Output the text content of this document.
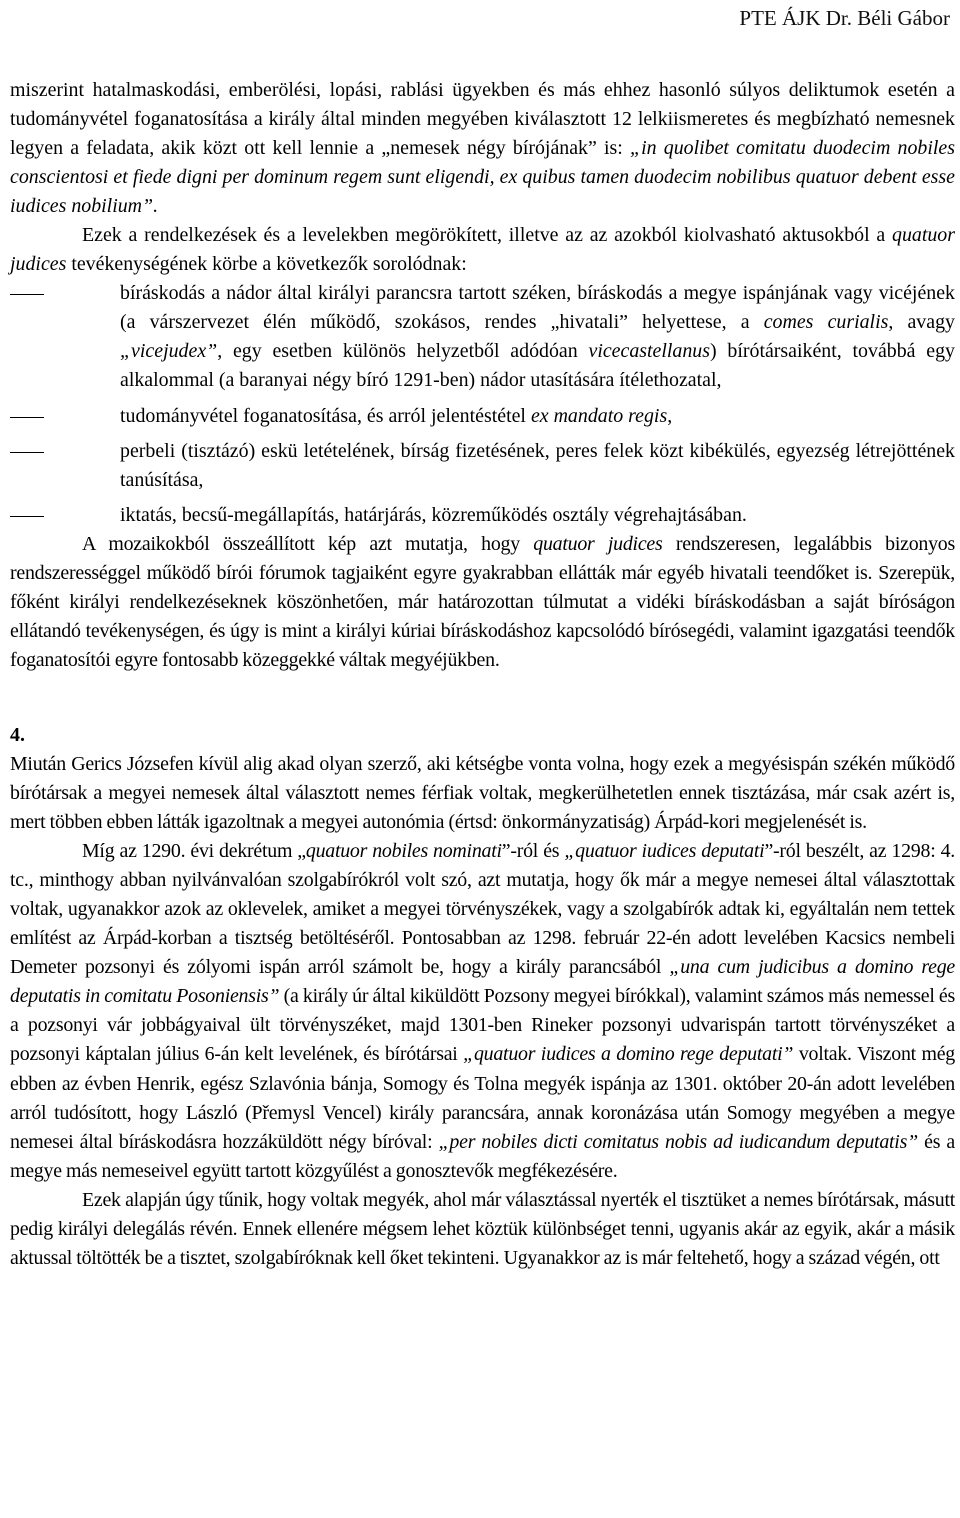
PTE ÁJK Dr. Béli Gábor

miszerint hatalmaskodási, emberölési, lopási, rablási ügyekben és más ehhez hasonló súlyos deliktumok esetén a tudományvétel foganatosítása a király által minden megyében kiválasztott 12 lelkiismeretes és megbízható nemesnek legyen a feladata, akik közt ott kell lennie a „nemesek négy bírójának” is: „in quolibet comitatu duodecim nobiles conscientosi et fiede digni per dominum regem sunt eligendi, ex quibus tamen duodecim nobilibus quatuor debent esse iudices nobilium”.

Ezek a rendelkezések és a levelekben megörökített, illetve az az azokból kiolvasható aktusokból a quatuor judices tevékenységének körbe a következők sorolódnak:

bíráskodás a nádor által királyi parancsra tartott széken, bíráskodás a megye ispánjának vagy vicéjének (a várszervezet élén működő, szokásos, rendes „hivatali” helyettese, a comes curialis, avagy „vicejudex”, egy esetben különös helyzetből adódóan vicecastellanus) bírótársaiként, továbbá egy alkalommal (a baranyai négy bíró 1291-ben) nádor utasítására ítélethozatal,
tudományvétel foganatosítása, és arról jelentéstétel ex mandato regis,
perbeli (tisztázó) eskü letételének, bírság fizetésének, peres felek közt kibékülés, egyezség létrejöttének tanúsítása,
iktatás, becsű-megállapítás, határjárás, közreműködés osztály végrehajtásában.

A mozaikokból összeállított kép azt mutatja, hogy quatuor judices rendszeresen, legalábbis bizonyos rendszerességgel működő bírói fórumok tagjaiként egyre gyakrabban ellátták már egyéb hivatali teendőket is. Szerepük, főként királyi rendelkezéseknek köszönhetően, már határozottan túlmutat a vidéki bíráskodásban a saját bíróságon ellátandó tevékenységen, és úgy is mint a királyi kúriai bíráskodáshoz kapcsolódó bírósegédi, valamint igazgatási teendők foganatosítói egyre fontosabb közeggekké váltak megyéjükben.

4.

Miután Gerics Józsefen kívül alig akad olyan szerző, aki kétségbe vonta volna, hogy ezek a megyésispán székén működő bírótársak a megyei nemesek által választott nemes férfiak voltak, megkerülhetetlen ennek tisztázása, már csak azért is, mert többen ebben látták igazoltnak a megyei autonómia (értsd: önkormányzatiság) Árpád-kori megjelenését is.

Míg az 1290. évi dekrétum „quatuor nobiles nominati”-ról és „quatuor iudices deputati”-ról beszélt, az 1298: 4. tc., minthogy abban nyilvánvalóan szolgabírókról volt szó, azt mutatja, hogy ők már a megye nemesei által választottak voltak, ugyanakkor azok az oklevelek, amiket a megyei törvényszékek, vagy a szolgabírók adtak ki, egyáltalán nem tettek említést az Árpád-korban a tisztség betöltéséről. Pontosabban az 1298. február 22-én adott levelében Kacsics nembeli Demeter pozsonyi és zólyomi ispán arról számolt be, hogy a király parancsából „una cum judicibus a domino rege deputatis in comitatu Posoniensis” (a király úr által kiküldött Pozsony megyei bírókkal), valamint számos más nemessel és a pozsonyi vár jobbágyaival ült törvényszéket, majd 1301-ben Rineker pozsonyi udvarispán tartott törvényszéket a pozsonyi káptalan július 6-án kelt levelének, és bírótársai „quatuor iudices a domino rege deputati” voltak. Viszont még ebben az évben Henrik, egész Szlavónia bánja, Somogy és Tolna megyék ispánja az 1301. október 20-án adott levelében arról tudósított, hogy László (Přemysl Vencel) király parancsára, annak koronázása után Somogy megyében a megye nemesei által bíráskodásra hozzáküldött négy bíróval: „per nobiles dicti comitatus nobis ad iudicandum deputatis” és a megye más nemeseivel együtt tartott közgyűlést a gonosztevők megfékezésére.

Ezek alapján úgy tűnik, hogy voltak megyék, ahol már választással nyerték el tisztüket a nemes bírótársak, másutt pedig királyi delegálás révén. Ennek ellenére mégsem lehet köztük különbséget tenni, ugyanis akár az egyik, akár a másik aktussal töltötték be a tisztet, szolgabíróknak kell őket tekinteni. Ugyanakkor az is már feltehető, hogy a század végén, ott
